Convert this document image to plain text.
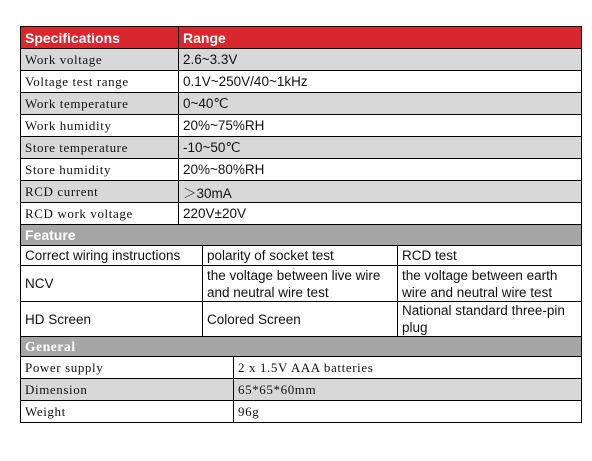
Specifications	Range
Work voltage	2.6~3.3V
Voltage test range	0.1V~250V/40~1kHz
Work temperature	0~40℃
Work humidity	20%~75%RH
Store temperature	-10~50℃
Store humidity	20%~80%RH
RCD current	＞30mA
RCD work voltage	220V±20V
Feature		
Correct wiring instructions	polarity of socket test	RCD test
NCV	the voltage between live wire and neutral wire test	the voltage between earth wire and neutral wire test
HD Screen	Colored Screen	National standard three-pin plug
General	
Power supply	2 x 1.5V AAA batteries
Dimension	65*65*60mm
Weight	96g
